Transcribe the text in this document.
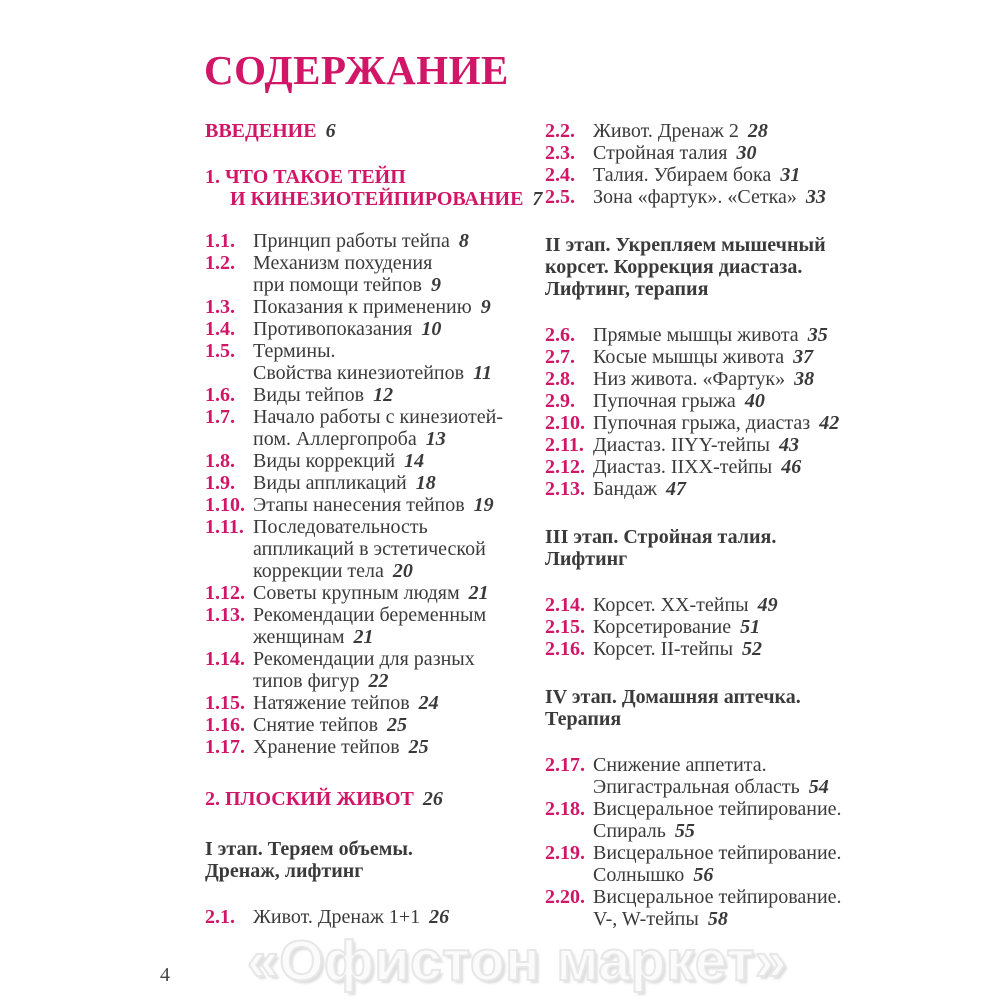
СОДЕРЖАНИЕ
ВВЕДЕНИЕ 6
1. ЧТО ТАКОЕ ТЕЙП
И КИНЕЗИОТЕЙПИРОВАНИЕ 7
1.1. Принцип работы тейпа 8
1.2. Механизм похудения
при помощи тейпов 9
1.3. Показания к применению 9
1.4. Противопоказания 10
1.5. Термины.
Свойства кинезиотейпов 11
1.6. Виды тейпов 12
1.7. Начало работы с кинезиотей-
пом. Аллергопроба 13
1.8. Виды коррекций 14
1.9. Виды аппликаций 18
1.10. Этапы нанесения тейпов 19
1.11. Последовательность
аппликаций в эстетической
коррекции тела 20
1.12. Советы крупным людям 21
1.13. Рекомендации беременным
женщинам 21
1.14. Рекомендации для разных
типов фигур 22
1.15. Натяжение тейпов 24
1.16. Снятие тейпов 25
1.17. Хранение тейпов 25
2. ПЛОСКИЙ ЖИВОТ 26
I этап. Теряем объемы.
Дренаж, лифтинг
2.1. Живот. Дренаж 1+1 26
2.2. Живот. Дренаж 2 28
2.3. Стройная талия 30
2.4. Талия. Убираем бока 31
2.5. Зона «фартук». «Сетка» 33
II этап. Укрепляем мышечный
корсет. Коррекция диастаза.
Лифтинг, терапия
2.6. Прямые мышцы живота 35
2.7. Косые мышцы живота 37
2.8. Низ живота. «Фартук» 38
2.9. Пупочная грыжа 40
2.10. Пупочная грыжа, диастаз 42
2.11. Диастаз. IIYY-тейпы 43
2.12. Диастаз. IIXX-тейпы 46
2.13. Бандаж 47
III этап. Стройная талия.
Лифтинг
2.14. Корсет. XX-тейпы 49
2.15. Корсетирование 51
2.16. Корсет. II-тейпы 52
IV этап. Домашняя аптечка.
Терапия
2.17. Снижение аппетита.
Эпигастральная область 54
2.18. Висцеральное тейпирование.
Спираль 55
2.19. Висцеральное тейпирование.
Солнышко 56
2.20. Висцеральное тейпирование.
V-, W-тейпы 58
4 «Офистон маркет»
